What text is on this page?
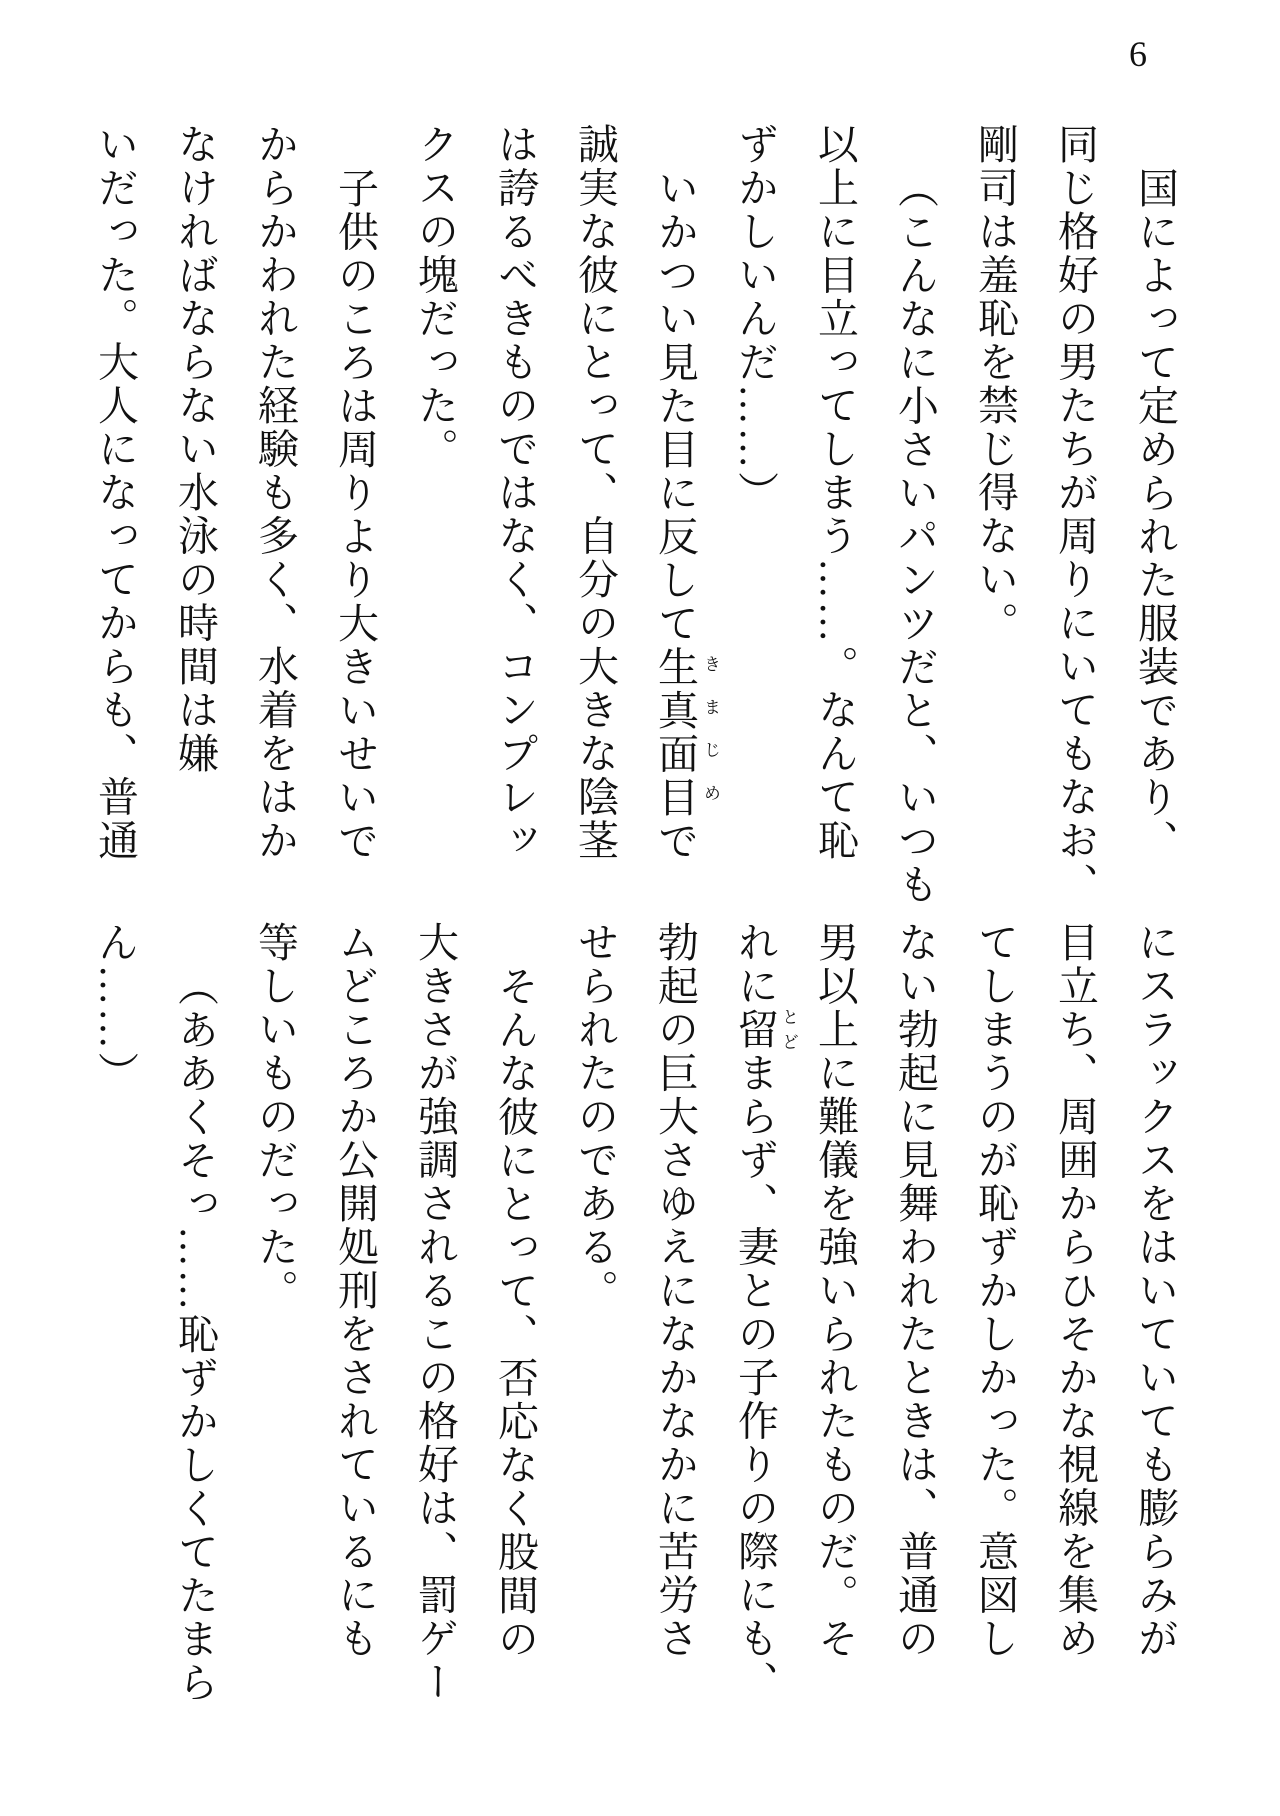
6
国によって定められた服装であり、
同じ格好の男たちが周りにいてもなお、
剛司は羞恥を禁じ得ない。
（こんなに小さいパンツだと、いつも
以上に目立ってしまう……。なんて恥
ずかしいんだ……）
いかつい見た目に反して生真面目で
誠実な彼にとって、自分の大きな陰茎
は誇るべきものではなく、コンプレッ
クスの塊だった。
子供のころは周りより大きいせいで
からかわれた経験も多く、水着をはか
なければならない水泳の時間は嫌
いだった。大人になってからも、普通
にスラックスをはいていても膨らみが
目立ち、周囲からひそかな視線を集め
てしまうのが恥ずかしかった。意図し
ない勃起に見舞われたときは、普通の
男以上に難儀を強いられたものだ。そ
れに留まらず、妻との子作りの際にも、
勃起の巨大さゆえになかなかに苦労さ
せられたのである。
そんな彼にとって、否応なく股間の
大きさが強調されるこの格好は、罰ゲー
ムどころか公開処刑をされているにも
等しいものだった。
（ああくそっ……恥ずかしくてたまら
ん……）
きまじめ
とど
